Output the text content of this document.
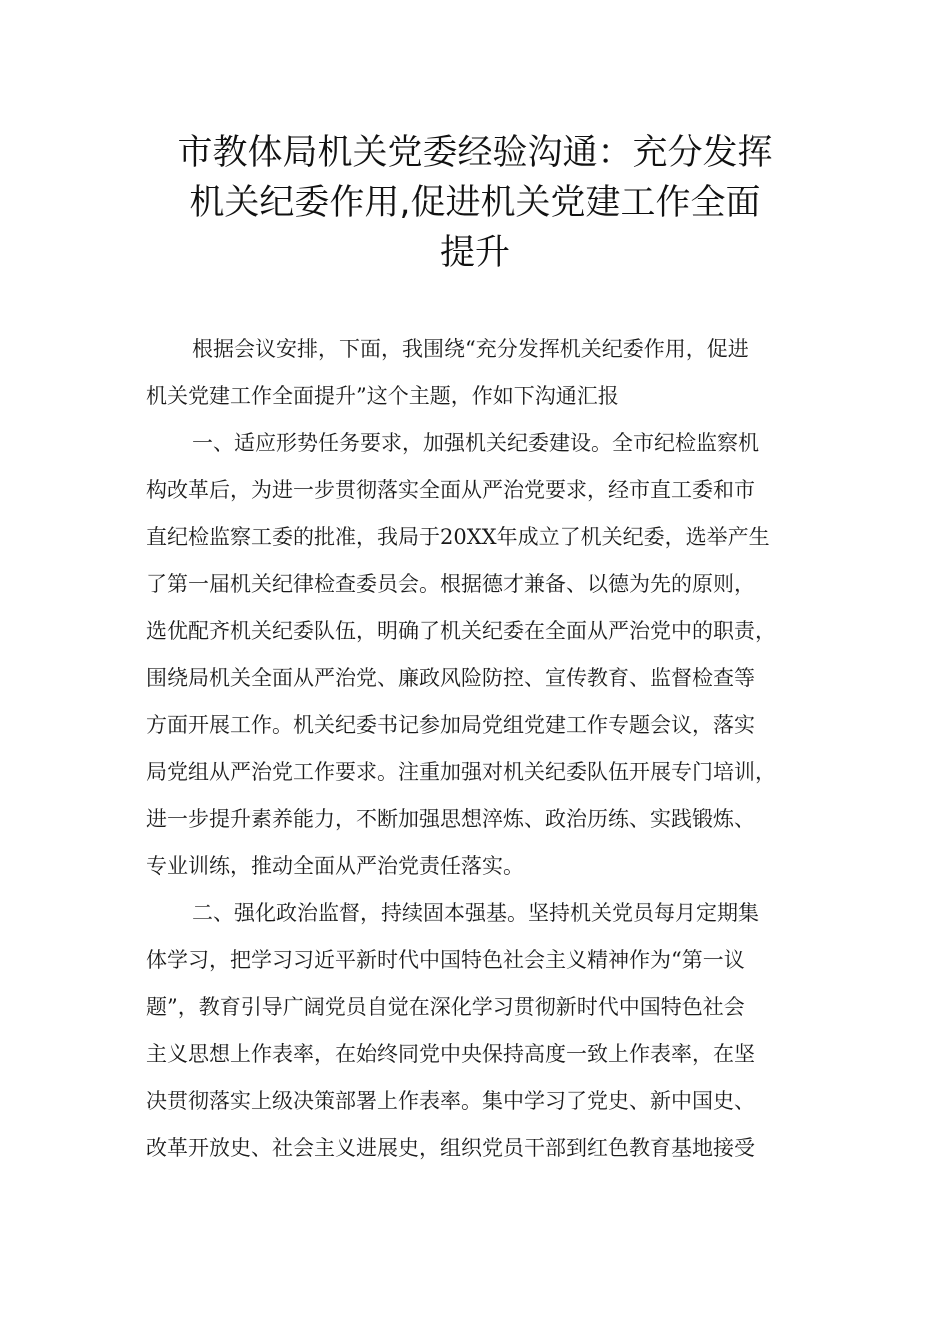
市教体局机关党委经验沟通：充分发挥
机关纪委作用,促进机关党建工作全面
提升
根据会议安排，下面，我围绕“充分发挥机关纪委作用，促进
机关党建工作全面提升”这个主题，作如下沟通汇报
一、适应形势任务要求，加强机关纪委建设。全市纪检监察机
构改革后，为进一步贯彻落实全面从严治党要求，经市直工委和市
直纪检监察工委的批准，我局于20XX年成立了机关纪委，选举产生
了第一届机关纪律检查委员会。根据德才兼备、以德为先的原则，
选优配齐机关纪委队伍，明确了机关纪委在全面从严治党中的职责，
围绕局机关全面从严治党、廉政风险防控、宣传教育、监督检查等
方面开展工作。机关纪委书记参加局党组党建工作专题会议，落实
局党组从严治党工作要求。注重加强对机关纪委队伍开展专门培训，
进一步提升素养能力，不断加强思想淬炼、政治历练、实践锻炼、
专业训练，推动全面从严治党责任落实。
二、强化政治监督，持续固本强基。坚持机关党员每月定期集
体学习，把学习习近平新时代中国特色社会主义精神作为“第一议
题”，教育引导广阔党员自觉在深化学习贯彻新时代中国特色社会
主义思想上作表率，在始终同党中央保持高度一致上作表率，在坚
决贯彻落实上级决策部署上作表率。集中学习了党史、新中国史、
改革开放史、社会主义进展史，组织党员干部到红色教育基地接受
